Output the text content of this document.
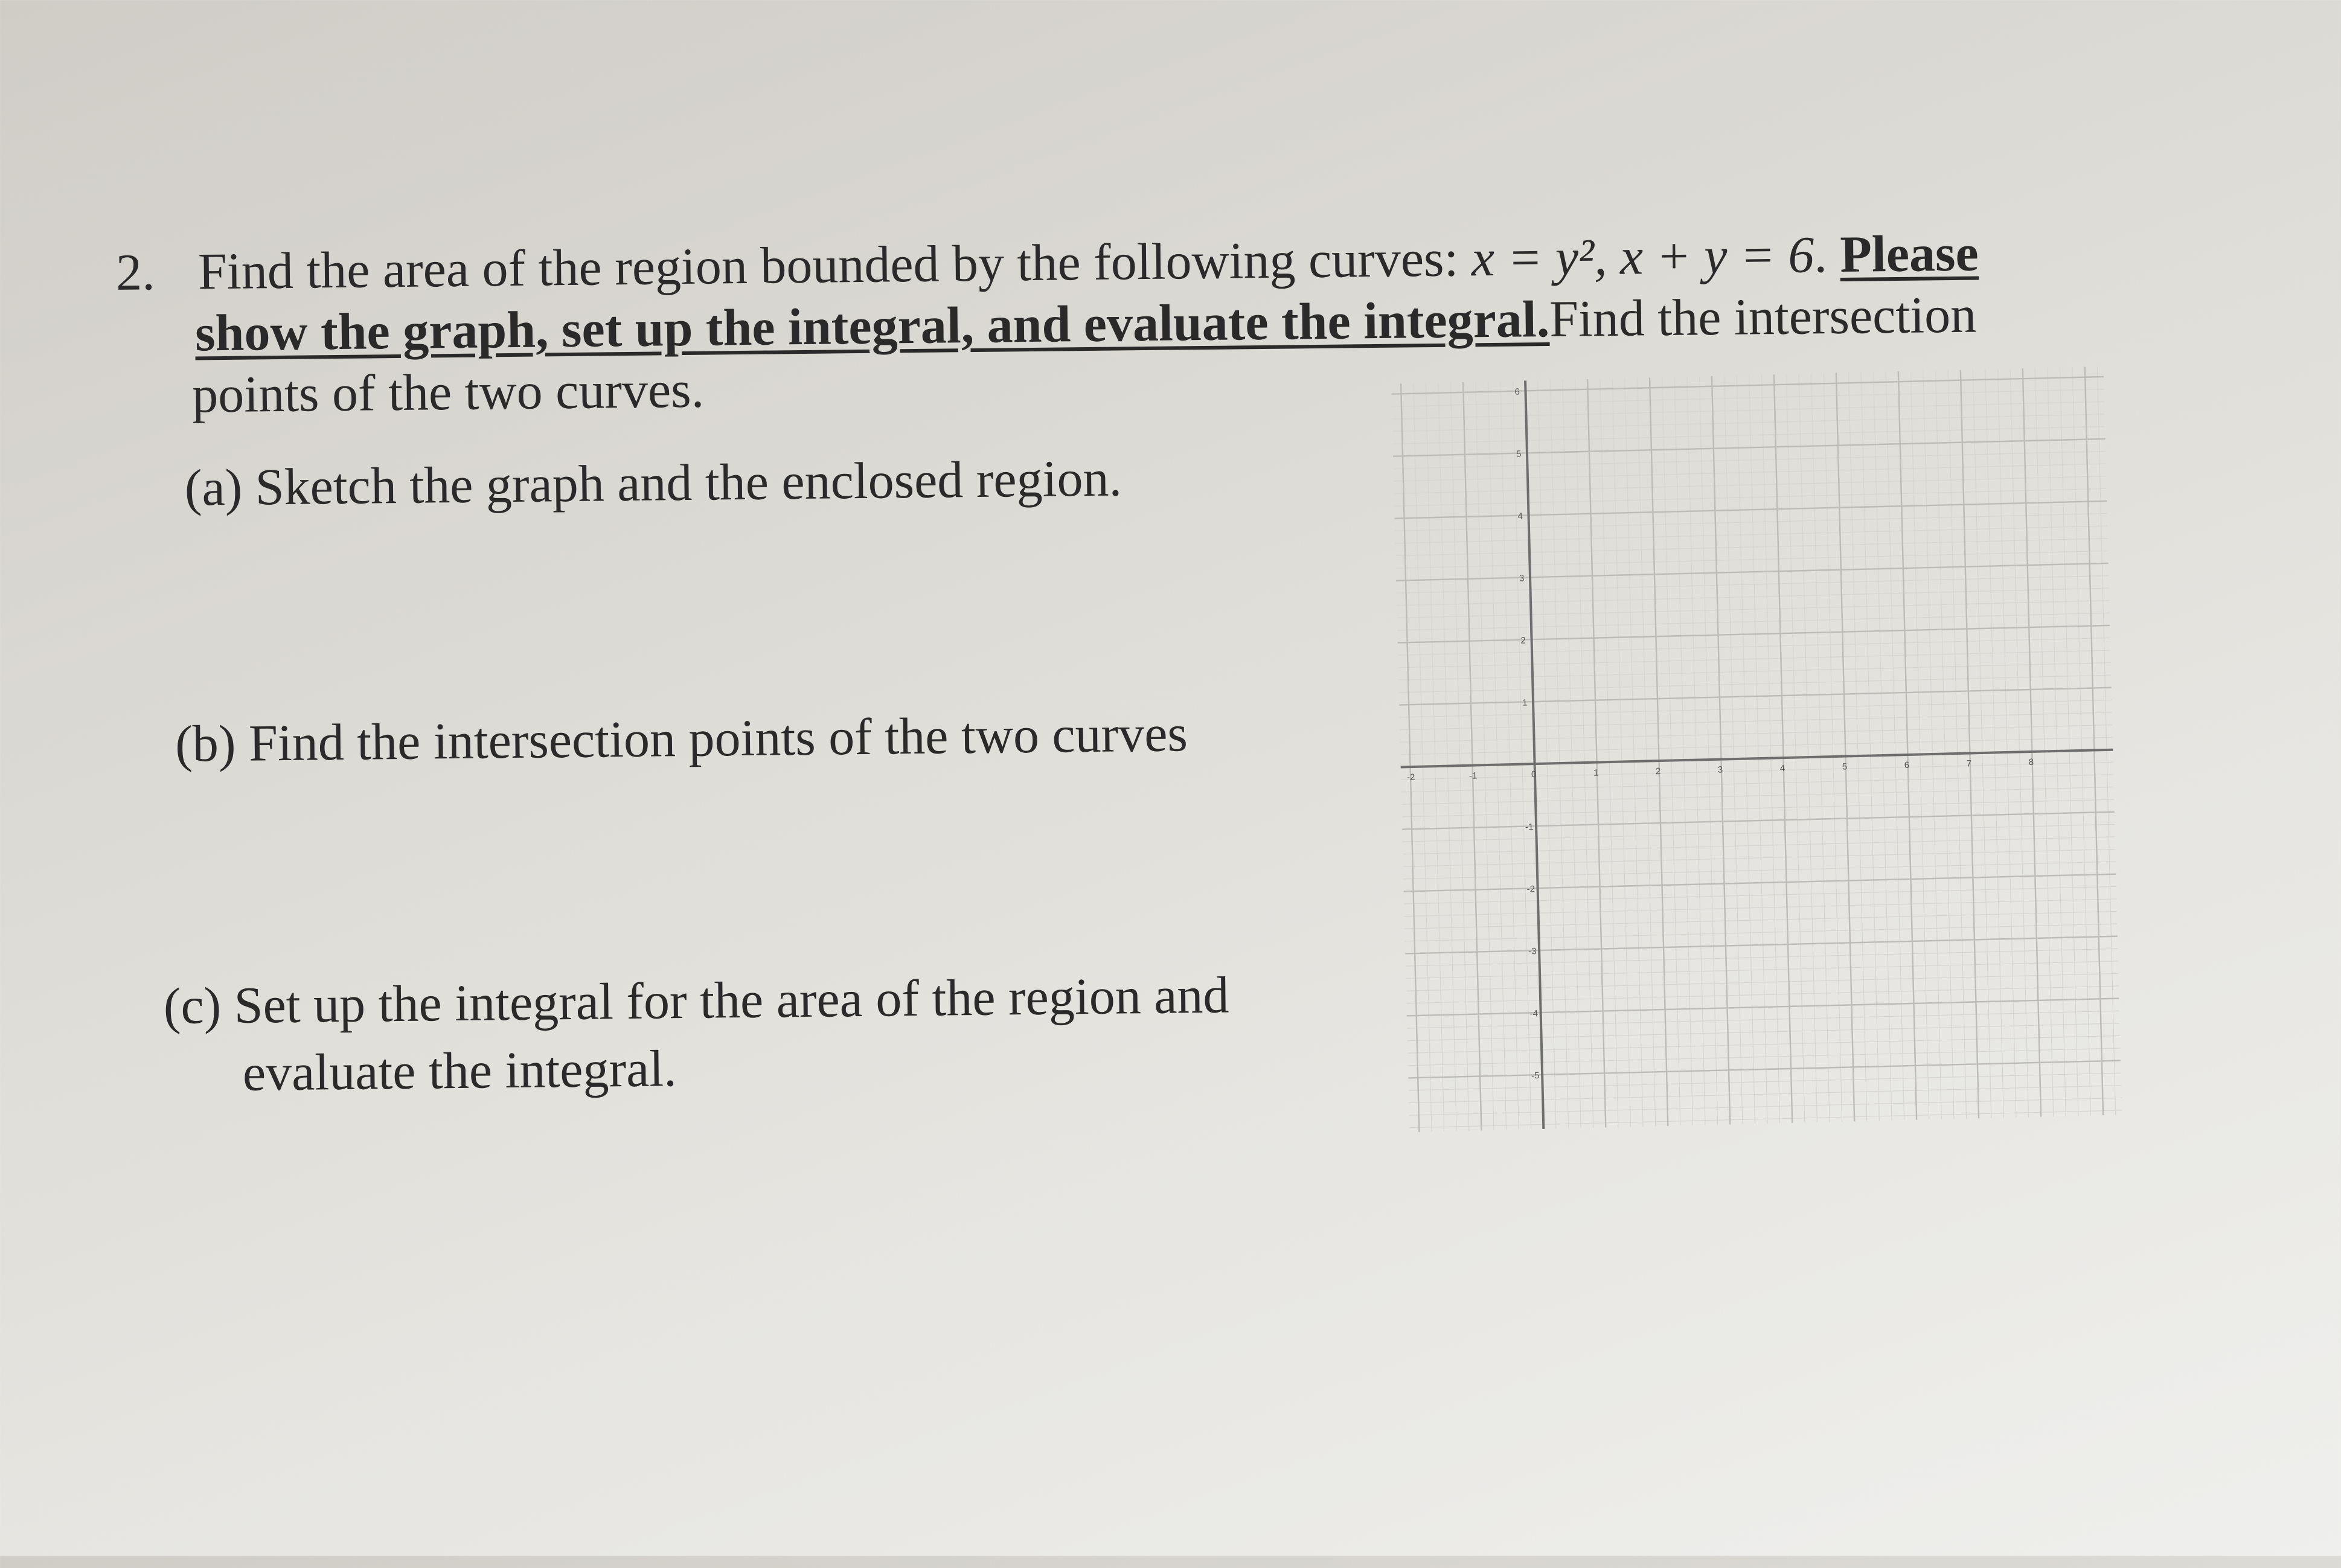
2. Find the area of the region bounded by the following curves: x = y², x + y = 6. Please
show the graph, set up the integral, and evaluate the integral.Find the intersection
points of the two curves.
(a) Sketch the graph and the enclosed region.
(b) Find the intersection points of the two curves
(c) Set up the integral for the area of the region and
evaluate the integral.
-2	-1	0	1	2	3	4	5	6	7	8
6
5
4
3
2
1
-1
-2
-3
-4
-5
